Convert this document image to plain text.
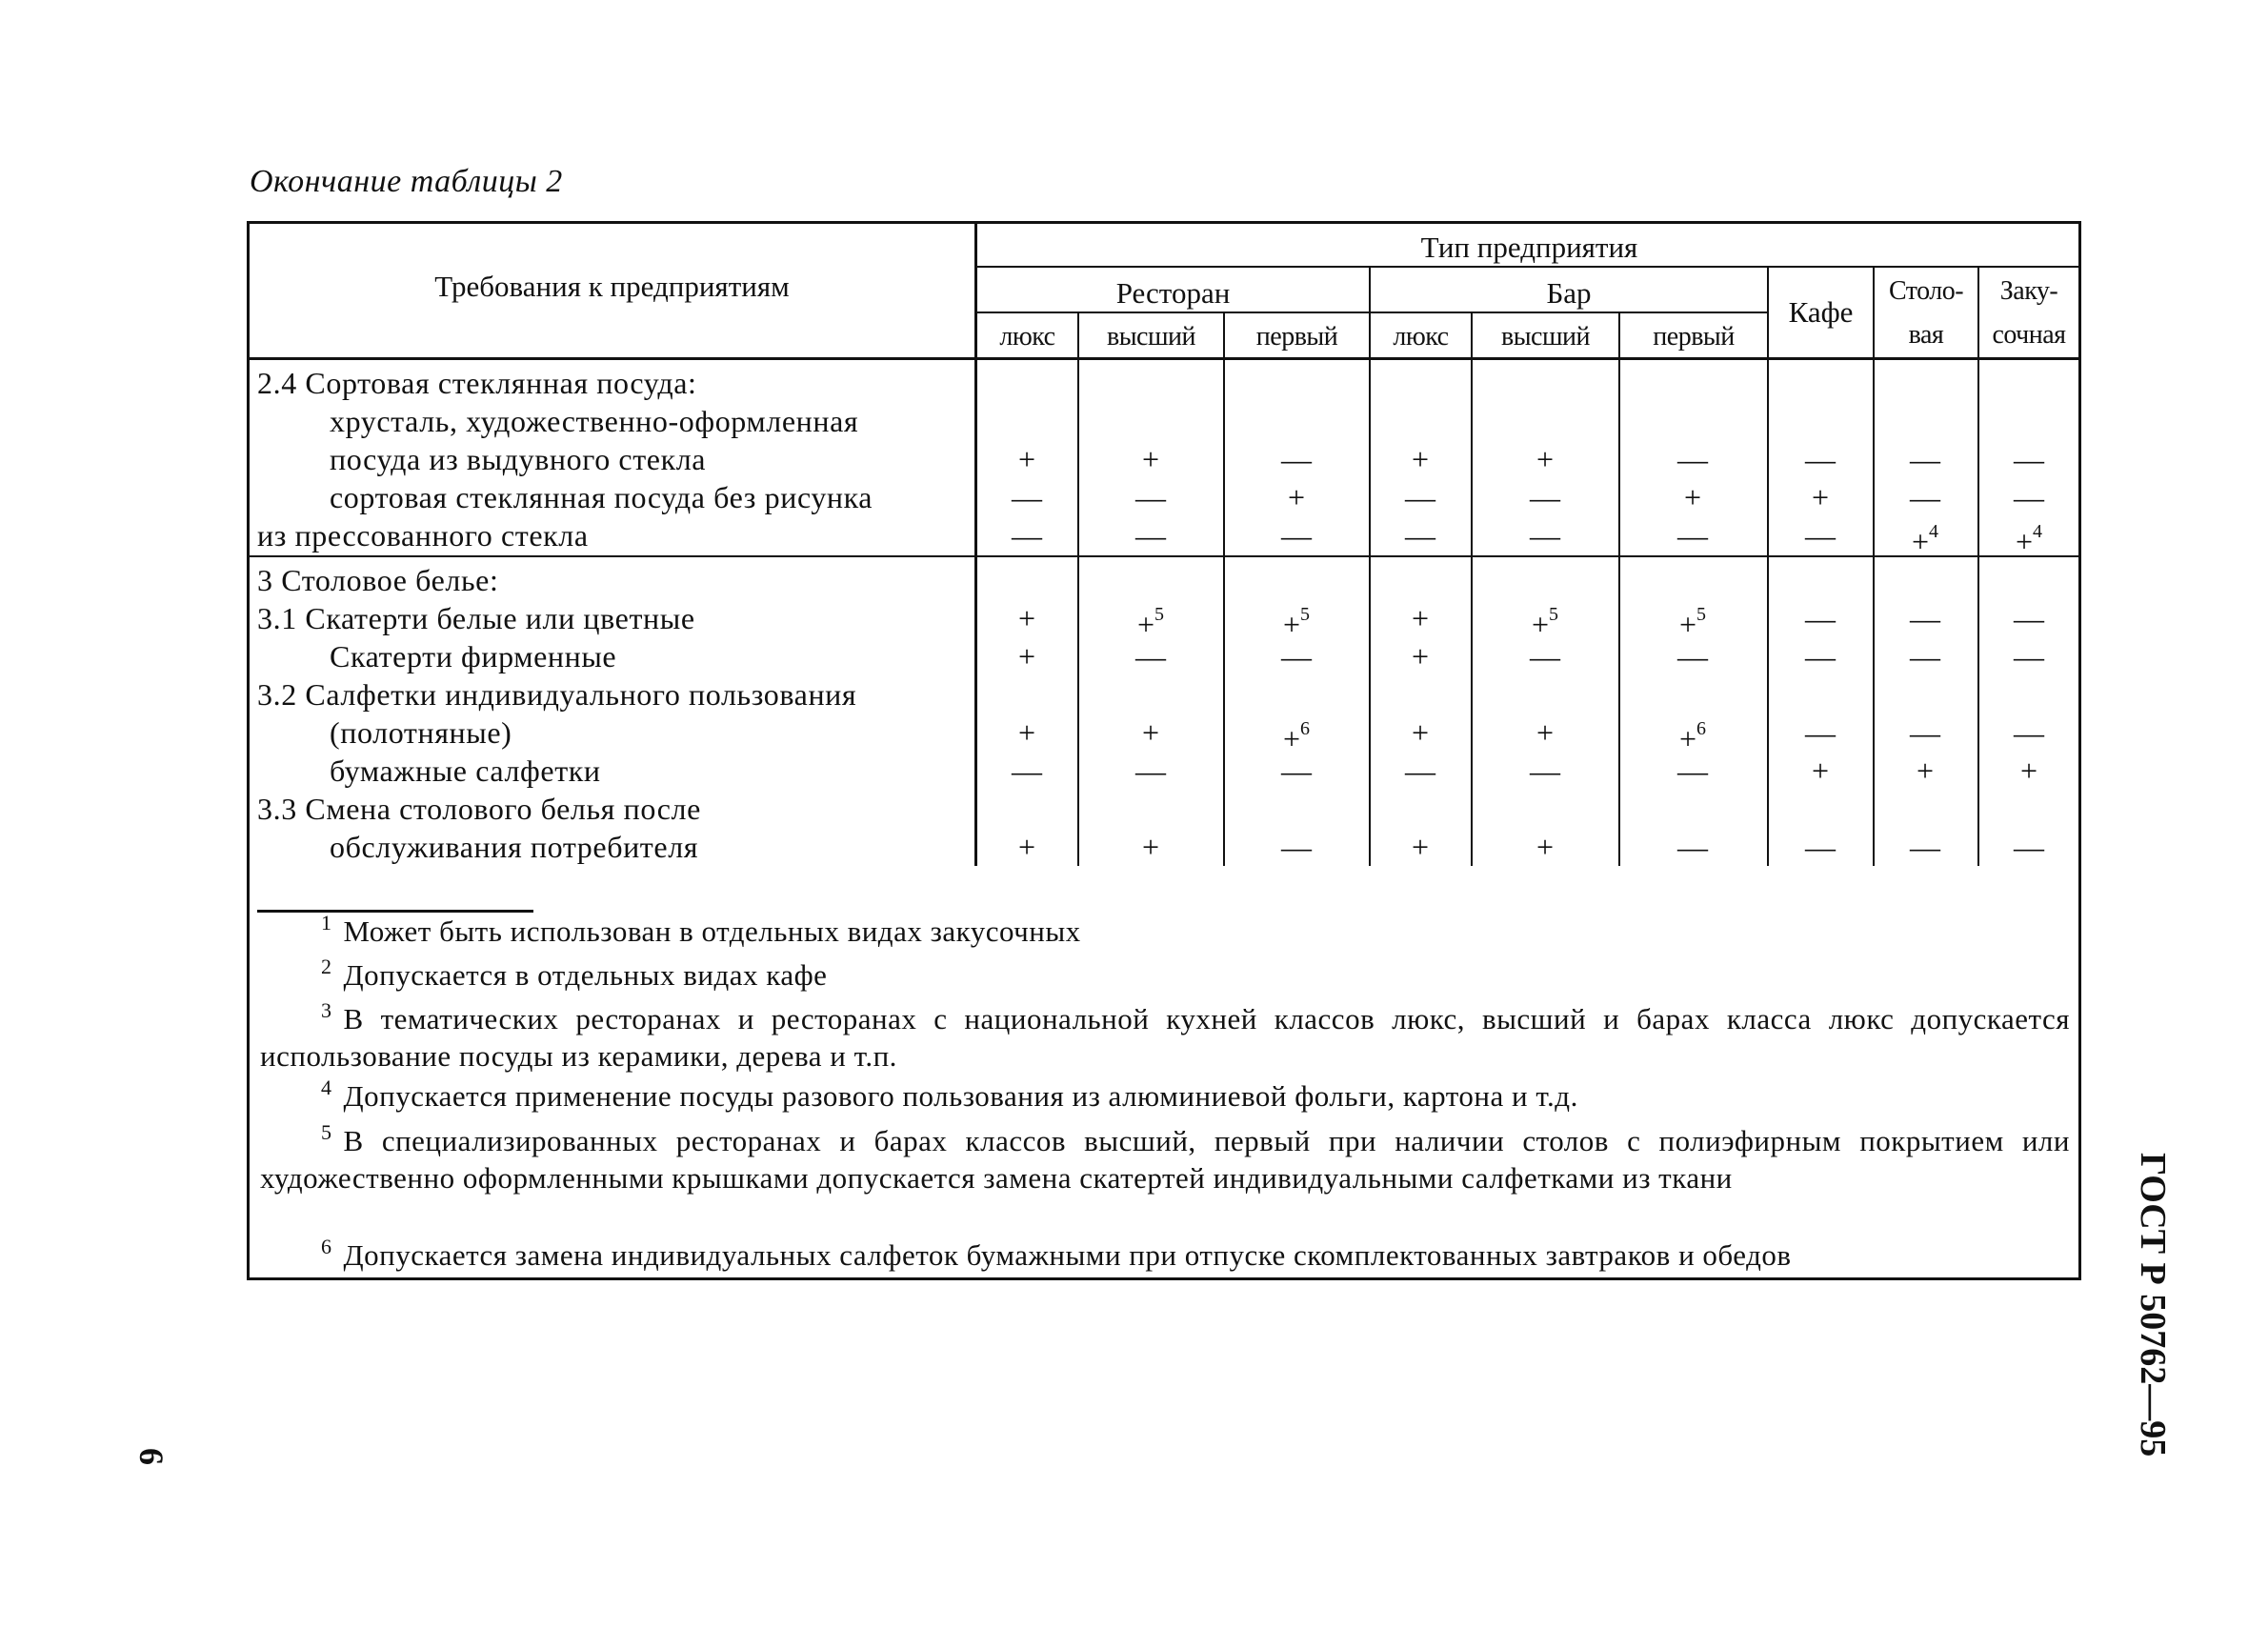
Окончание таблицы 2
Требования к предприятиям
Тип предприятия
Ресторан	Бар
Кафе
Столо-
вая
Заку-
сочная
люкс	высший	первый	люкс	высший	первый
2.4 Сортовая стеклянная посуда:
хрусталь, художественно-оформленная
посуда из выдувного стекла	+	+	—	+	+	—	—	—	—
сортовая стеклянная посуда без рисунка	—	—	+	—	—	+	+	—	—
из прессованного стекла	—	—	—	—	—	—	—	+$^4$	+$^4$
3 Столовое белье:
3.1 Скатерти белые или цветные	+	+$^5$	+$^5$	+	+$^5$	+$^5$	—	—	—
Скатерти фирменные	+	—	—	+	—	—	—	—	—
3.2 Салфетки индивидуального пользования
(полотняные)	+	+	+$^6$	+	+	+$^6$	—	—	—
бумажные салфетки	—	—	—	—	—	—	+	+	+
3.3 Смена столового белья после
обслуживания потребителя	+	+	—	+	+	—	—	—	—
$^1$ Может быть использован в отдельных видах закусочных
$^2$ Допускается в отдельных видах кафе
$^3$ В тематических ресторанах и ресторанах с национальной кухней классов люкс, высший и барах класса люкс допускается использование посуды из керамики, дерева и т.п.
$^4$ Допускается применение посуды разового пользования из алюминиевой фольги, картона и т.д.
$^5$ В специализированных ресторанах и барах классов высший, первый при наличии столов с полиэфирным покрытием или художественно оформленными крышками допускается замена скатертей индивидуальными салфетками из ткани
$^6$ Допускается замена индивидуальных салфеток бумажными при отпуске скомплектованных завтраков и обедов	ГОСТ Р 50762—95
6
